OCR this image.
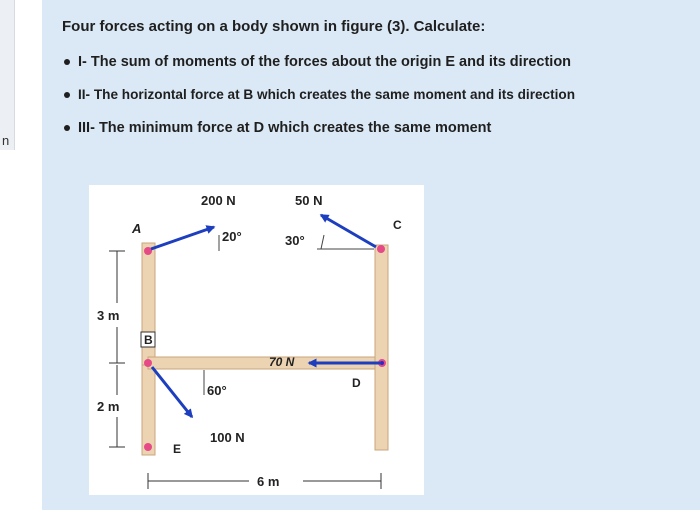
n
Four forces acting on a body shown in figure (3). Calculate:
I- The sum of moments of the forces about the origin E and its direction
II- The horizontal force at B which creates the same moment and its direction
III- The minimum force at D which creates the same moment
A	C
B
D
E
200 N	50 N
20°	30°
70 N
60°
100 N
3 m
2 m
6 m
